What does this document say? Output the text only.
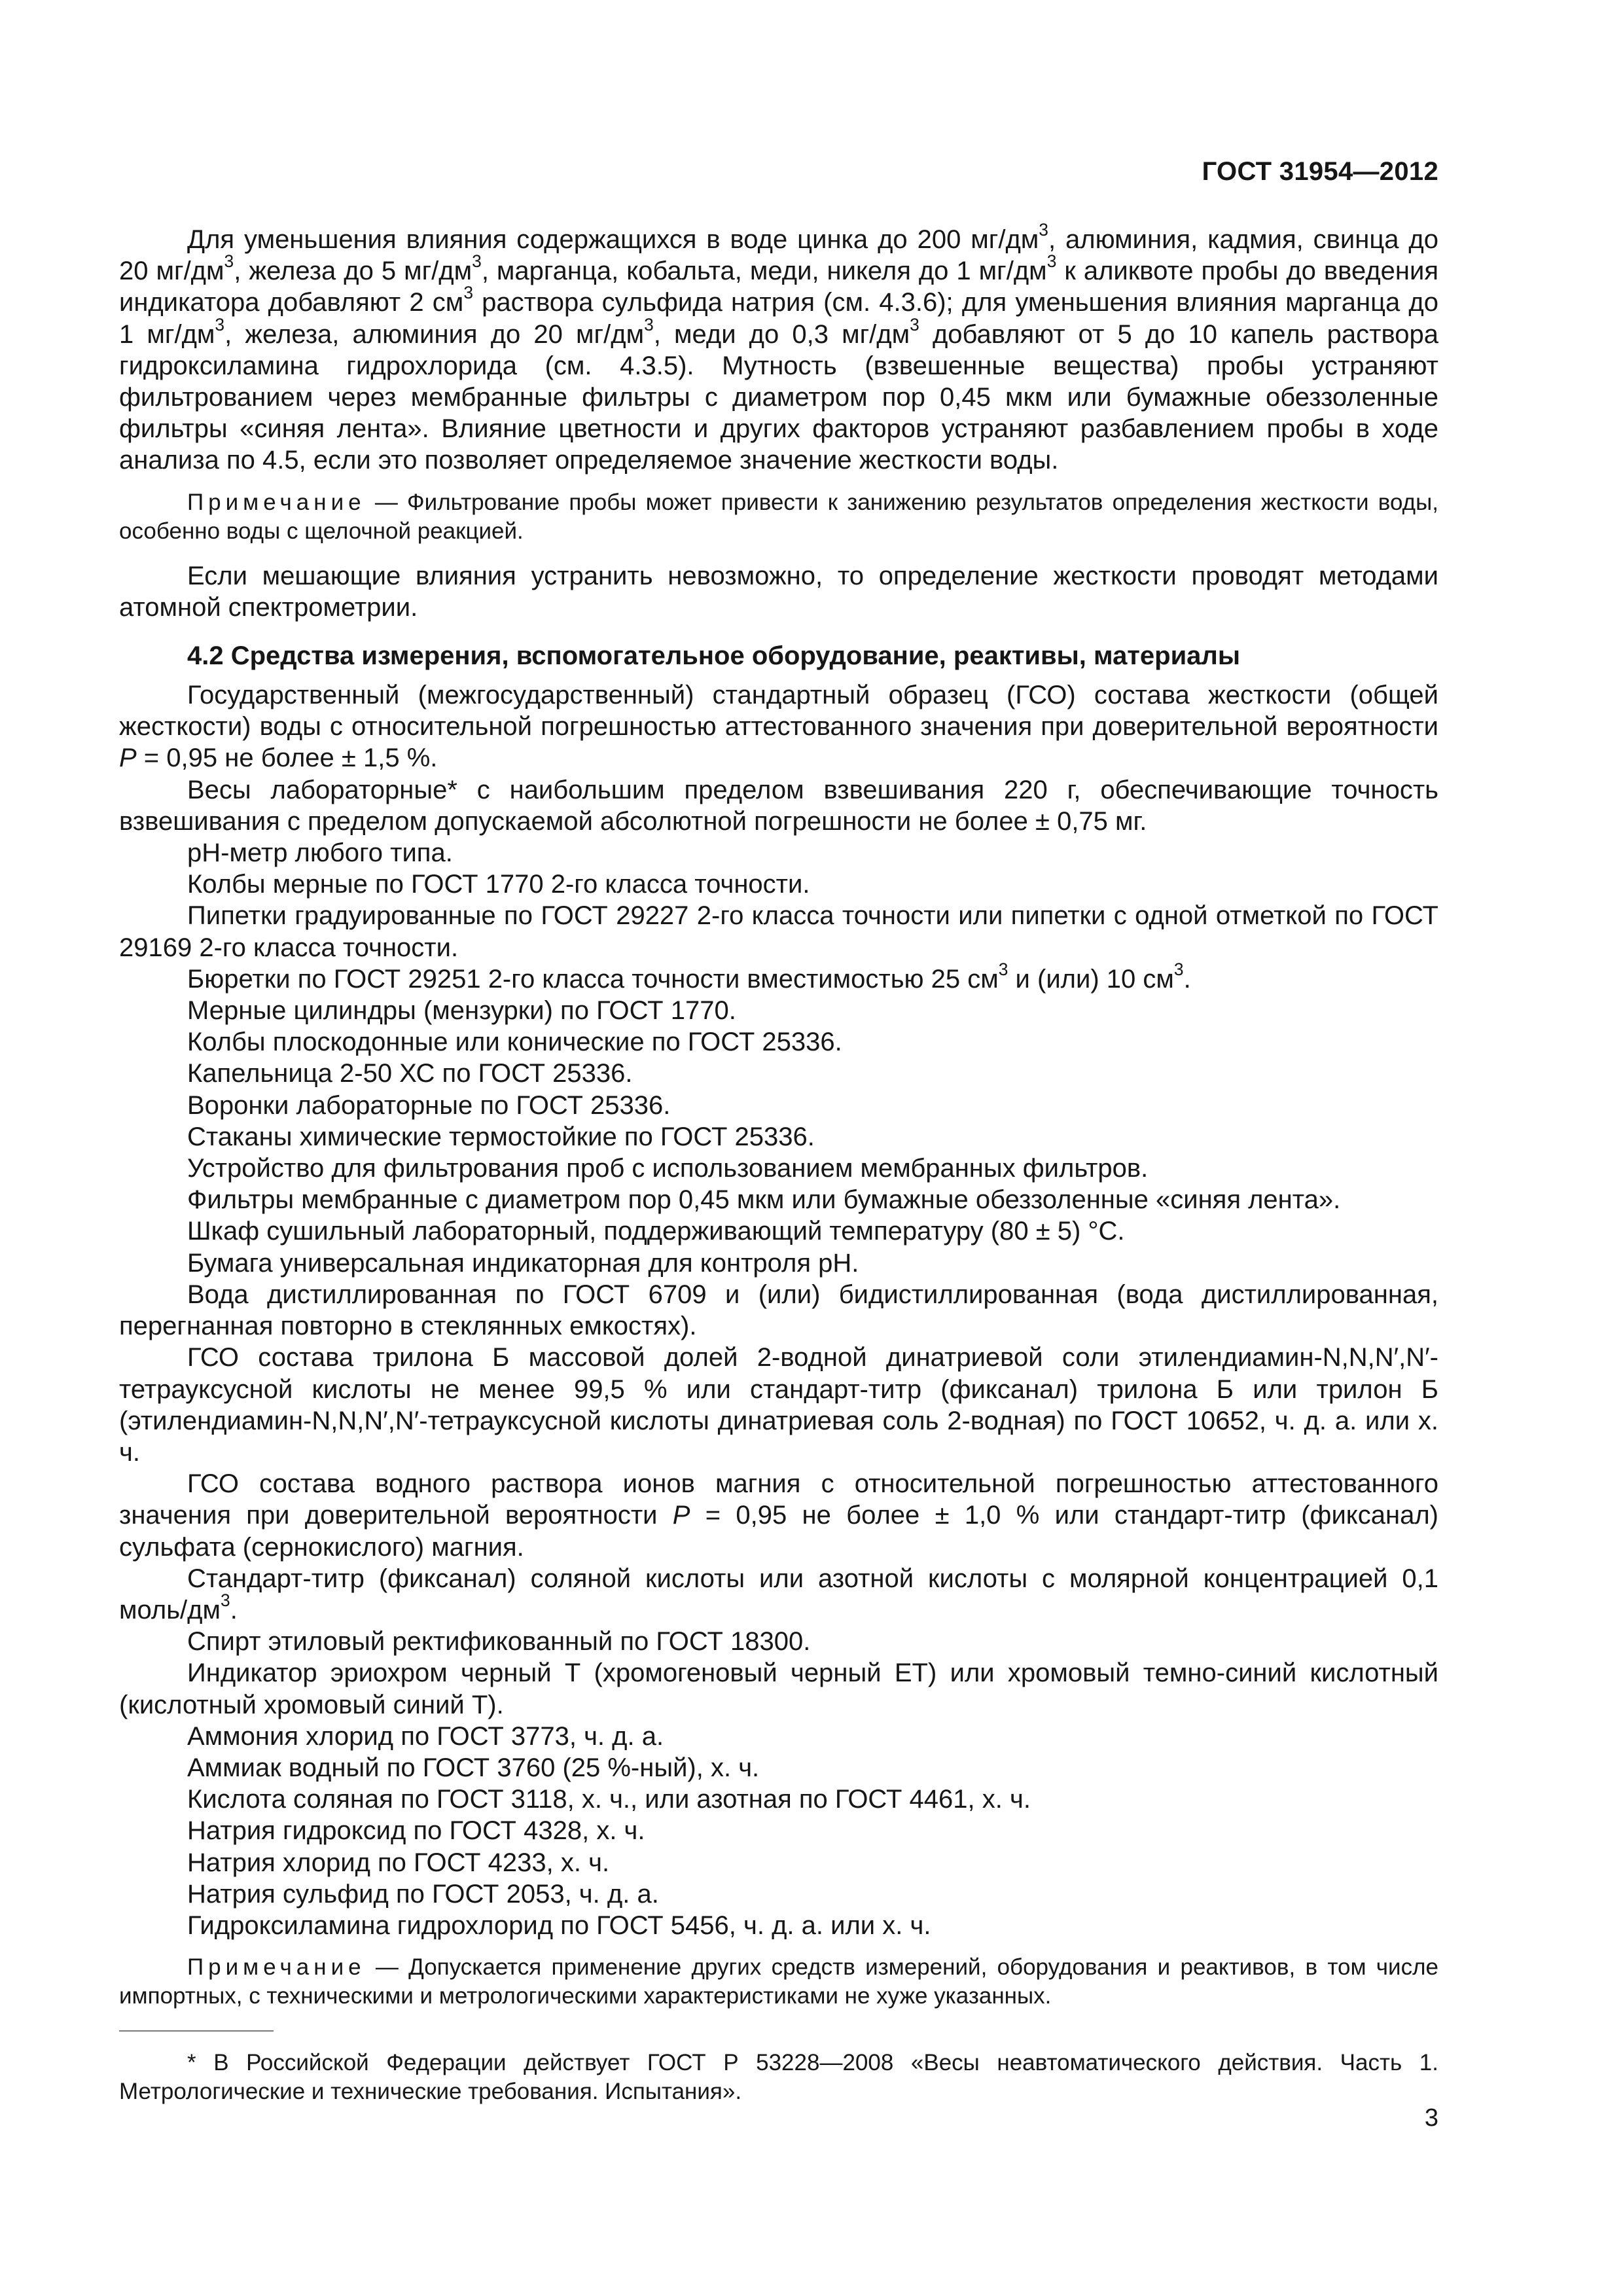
ГОСТ 31954—2012

Для уменьшения влияния содержащихся в воде цинка до 200 $мг/дм^3$, алюминия, кадмия, свинца до 20 $мг/дм^3$, железа до 5 $мг/дм^3$, марганца, кобальта, меди, никеля до 1 $мг/дм^3$ к аликвоте пробы до введения индикатора добавляют 2 $см^3$ раствора сульфида натрия (см. 4.3.6); для уменьшения влияния марганца до 1 $мг/дм^3$, железа, алюминия до 20 $мг/дм^3$, меди до 0,3 $мг/дм^3$ добавляют от 5 до 10 капель раствора гидроксиламина гидрохлорида (см. 4.3.5). Мутность (взвешенные вещества) пробы устраняют фильтрованием через мембранные фильтры с диаметром пор 0,45 мкм или бумажные обеззоленные фильтры «синяя лента». Влияние цветности и других факторов устраняют разбавлением пробы в ходе анализа по 4.5, если это позволяет определяемое значение жесткости воды.

Примечание — Фильтрование пробы может привести к занижению результатов определения жесткости воды, особенно воды с щелочной реакцией.

Если мешающие влияния устранить невозможно, то определение жесткости проводят методами атомной спектрометрии.

4.2 Средства измерения, вспомогательное оборудование, реактивы, материалы

Государственный (межгосударственный) стандартный образец (ГСО) состава жесткости (общей жесткости) воды с относительной погрешностью аттестованного значения при доверительной вероятности P = 0,95 не более ± 1,5 %.

Весы лабораторные* с наибольшим пределом взвешивания 220 г, обеспечивающие точность взвешивания с пределом допускаемой абсолютной погрешности не более ± 0,75 мг.

рН-метр любого типа.

Колбы мерные по ГОСТ 1770 2-го класса точности.

Пипетки градуированные по ГОСТ 29227 2-го класса точности или пипетки с одной отметкой по ГОСТ 29169 2-го класса точности.

Бюретки по ГОСТ 29251 2-го класса точности вместимостью 25 $см^3$ и (или) 10 $см^3$.

Мерные цилиндры (мензурки) по ГОСТ 1770.

Колбы плоскодонные или конические по ГОСТ 25336.

Капельница 2-50 ХС по ГОСТ 25336.

Воронки лабораторные по ГОСТ 25336.

Стаканы химические термостойкие по ГОСТ 25336.

Устройство для фильтрования проб с использованием мембранных фильтров.

Фильтры мембранные с диаметром пор 0,45 мкм или бумажные обеззоленные «синяя лента».

Шкаф сушильный лабораторный, поддерживающий температуру (80 ± 5) °С.

Бумага универсальная индикаторная для контроля рН.

Вода дистиллированная по ГОСТ 6709 и (или) бидистиллированная (вода дистиллированная, перегнанная повторно в стеклянных емкостях).

ГСО состава трилона Б массовой долей 2-водной динатриевой соли этилендиамин-N,N,N′,N′-тетрауксусной кислоты не менее 99,5 % или стандарт-титр (фиксанал) трилона Б или трилон Б (этилендиамин-N,N,N′,N′-тетрауксусной кислоты динатриевая соль 2-водная) по ГОСТ 10652, ч. д. а. или х. ч.

ГСО состава водного раствора ионов магния с относительной погрешностью аттестованного значения при доверительной вероятности P = 0,95 не более ± 1,0 % или стандарт-титр (фиксанал) сульфата (сернокислого) магния.

Стандарт-титр (фиксанал) соляной кислоты или азотной кислоты с молярной концентрацией 0,1 моль/$дм^3$.

Спирт этиловый ректификованный по ГОСТ 18300.

Индикатор эриохром черный Т (хромогеновый черный ЕТ) или хромовый темно-синий кислотный (кислотный хромовый синий Т).

Аммония хлорид по ГОСТ 3773, ч. д. а.

Аммиак водный по ГОСТ 3760 (25 %-ный), х. ч.

Кислота соляная по ГОСТ 3118, х. ч., или азотная по ГОСТ 4461, х. ч.

Натрия гидроксид по ГОСТ 4328, х. ч.

Натрия хлорид по ГОСТ 4233, х. ч.

Натрия сульфид по ГОСТ 2053, ч. д. а.

Гидроксиламина гидрохлорид по ГОСТ 5456, ч. д. а. или х. ч.

Примечание — Допускается применение других средств измерений, оборудования и реактивов, в том числе импортных, с техническими и метрологическими характеристиками не хуже указанных.

* В Российской Федерации действует ГОСТ Р 53228—2008 «Весы неавтоматического действия. Часть 1. Метрологические и технические требования. Испытания».

3
